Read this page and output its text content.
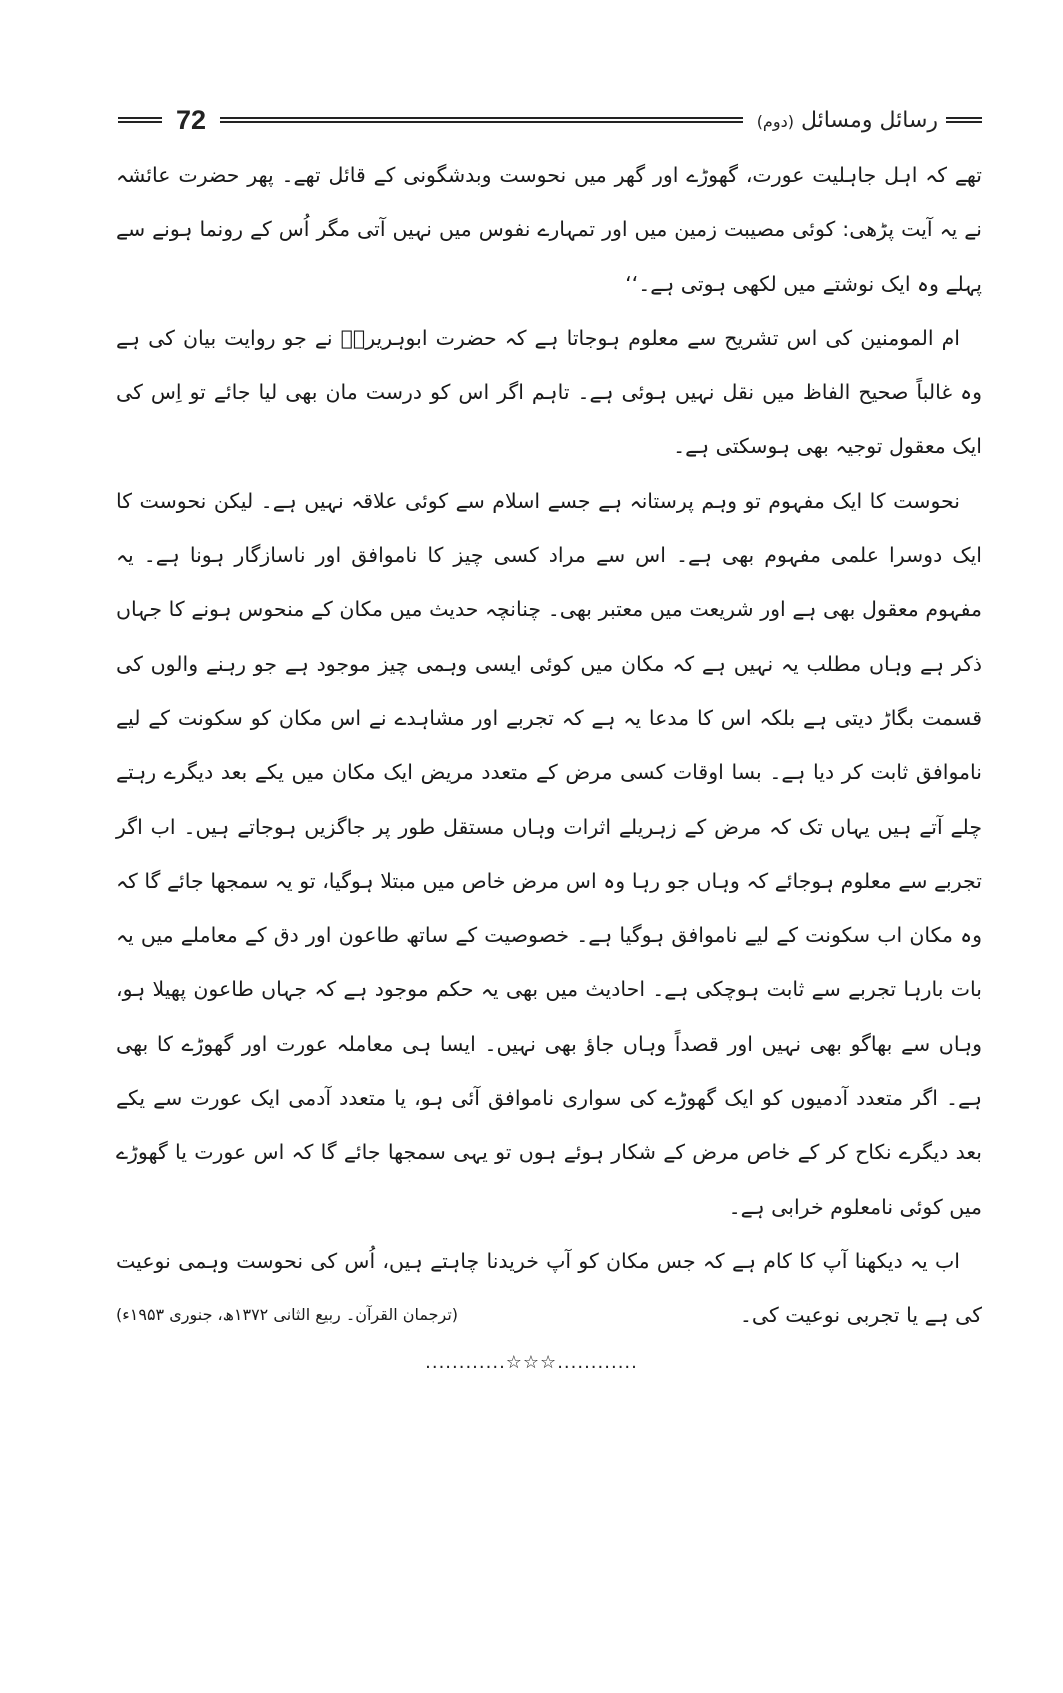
72	رسائل ومسائل (دوم)

تھے کہ اہل جاہلیت عورت، گھوڑے اور گھر میں نحوست وبدشگونی کے قائل تھے۔ پھر حضرت عائشہ نے یہ آیت پڑھی: کوئی مصیبت زمین میں اور تمہارے نفوس میں نہیں آتی مگر اُس کے رونما ہونے سے پہلے وہ ایک نوشتے میں لکھی ہوتی ہے۔‘‘

ام المومنین کی اس تشریح سے معلوم ہوجاتا ہے کہ حضرت ابوہریرہؓ نے جو روایت بیان کی ہے وہ غالباً صحیح الفاظ میں نقل نہیں ہوئی ہے۔ تاہم اگر اس کو درست مان بھی لیا جائے تو اِس کی ایک معقول توجیہ بھی ہوسکتی ہے۔

نحوست کا ایک مفہوم تو وہم پرستانہ ہے جسے اسلام سے کوئی علاقہ نہیں ہے۔ لیکن نحوست کا ایک دوسرا علمی مفہوم بھی ہے۔ اس سے مراد کسی چیز کا ناموافق اور ناسازگار ہونا ہے۔ یہ مفہوم معقول بھی ہے اور شریعت میں معتبر بھی۔ چنانچہ حدیث میں مکان کے منحوس ہونے کا جہاں ذکر ہے وہاں مطلب یہ نہیں ہے کہ مکان میں کوئی ایسی وہمی چیز موجود ہے جو رہنے والوں کی قسمت بگاڑ دیتی ہے بلکہ اس کا مدعا یہ ہے کہ تجربے اور مشاہدے نے اس مکان کو سکونت کے لیے ناموافق ثابت کر دیا ہے۔ بسا اوقات کسی مرض کے متعدد مریض ایک مکان میں یکے بعد دیگرے رہتے چلے آتے ہیں یہاں تک کہ مرض کے زہریلے اثرات وہاں مستقل طور پر جاگزیں ہوجاتے ہیں۔ اب اگر تجربے سے معلوم ہوجائے کہ وہاں جو رہا وہ اس مرض خاص میں مبتلا ہوگیا، تو یہ سمجھا جائے گا کہ وہ مکان اب سکونت کے لیے ناموافق ہوگیا ہے۔ خصوصیت کے ساتھ طاعون اور دق کے معاملے میں یہ بات بارہا تجربے سے ثابت ہوچکی ہے۔ احادیث میں بھی یہ حکم موجود ہے کہ جہاں طاعون پھیلا ہو، وہاں سے بھاگو بھی نہیں اور قصداً وہاں جاؤ بھی نہیں۔ ایسا ہی معاملہ عورت اور گھوڑے کا بھی ہے۔ اگر متعدد آدمیوں کو ایک گھوڑے کی سواری ناموافق آئی ہو، یا متعدد آدمی ایک عورت سے یکے بعد دیگرے نکاح کر کے خاص مرض کے شکار ہوئے ہوں تو یہی سمجھا جائے گا کہ اس عورت یا گھوڑے میں کوئی نامعلوم خرابی ہے۔

اب یہ دیکھنا آپ کا کام ہے کہ جس مکان کو آپ خریدنا چاہتے ہیں، اُس کی نحوست وہمی نوعیت کی ہے یا تجربی نوعیت کی۔
(ترجمان القرآن۔ ربیع الثانی ۱۳۷۲ھ، جنوری ۱۹۵۳ء)

............☆☆☆............
